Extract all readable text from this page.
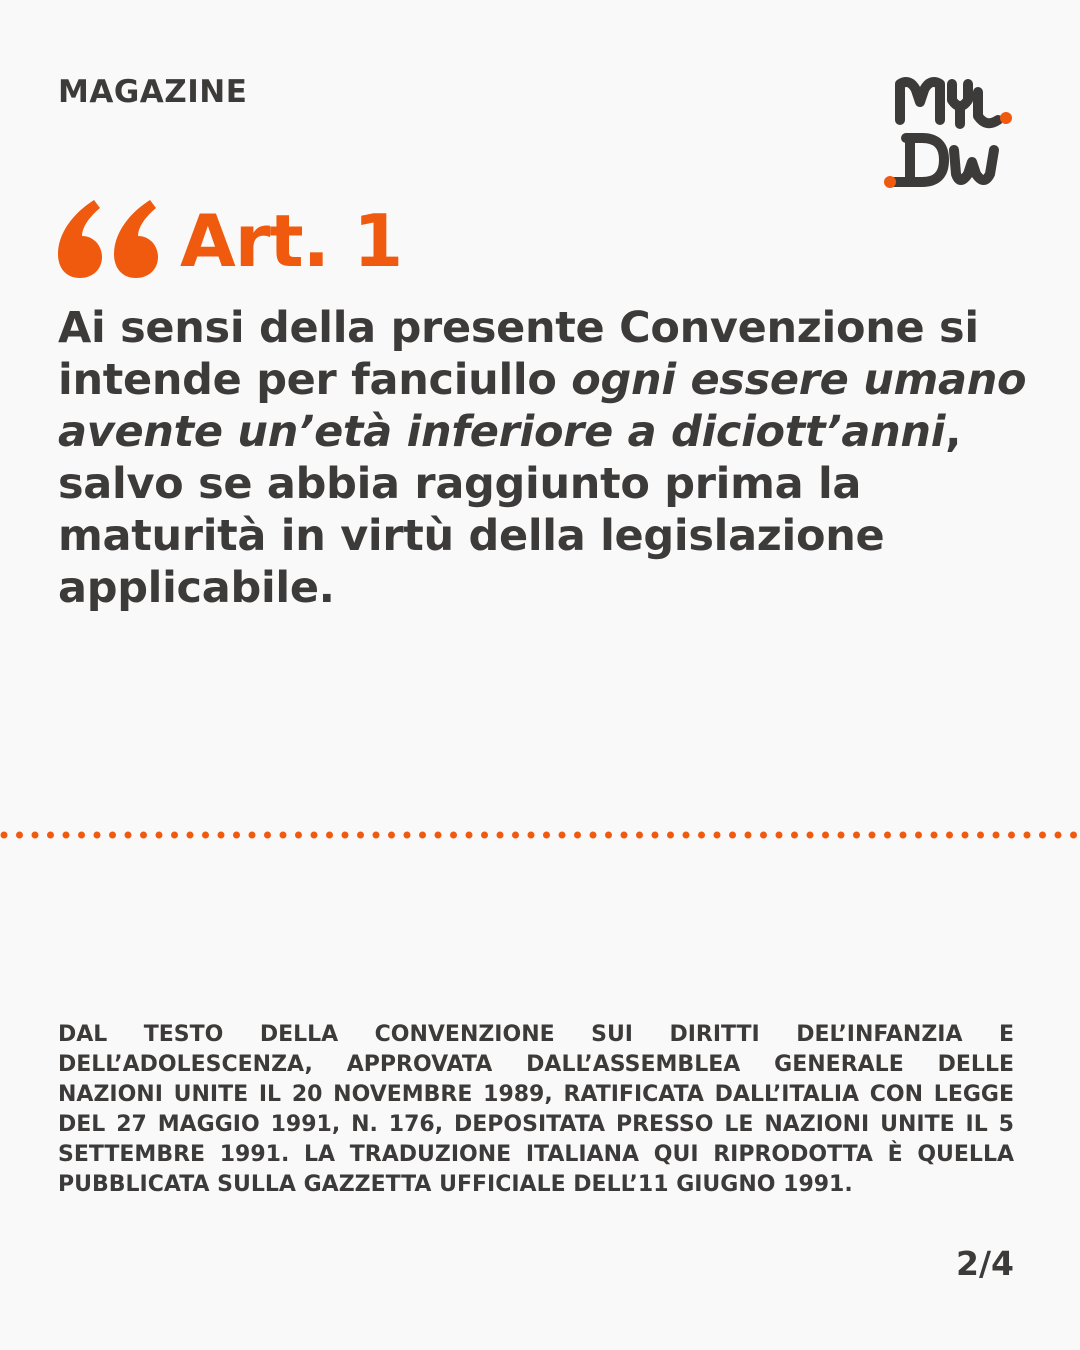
MAGAZINE
Art. 1
Ai sensi della presente Convenzione si intende per fanciullo ogni essere umano avente un’età inferiore a diciott’anni, salvo se abbia raggiunto prima la maturità in virtù della legislazione applicabile.
DAL TESTO DELLA CONVENZIONE SUI DIRITTI DEL’INFANZIA E DELL’ADOLESCENZA, APPROVATA DALL’ASSEMBLEA GENERALE DELLE NAZIONI UNITE IL 20 NOVEMBRE 1989, RATIFICATA DALL’ITALIA CON LEGGE DEL 27 MAGGIO 1991, N. 176, DEPOSITATA PRESSO LE NAZIONI UNITE IL 5 SETTEMBRE 1991. LA TRADUZIONE ITALIANA QUI RIPRODOTTA È QUELLA PUBBLICATA SULLA GAZZETTA UFFICIALE DELL’11 GIUGNO 1991.
2/4
